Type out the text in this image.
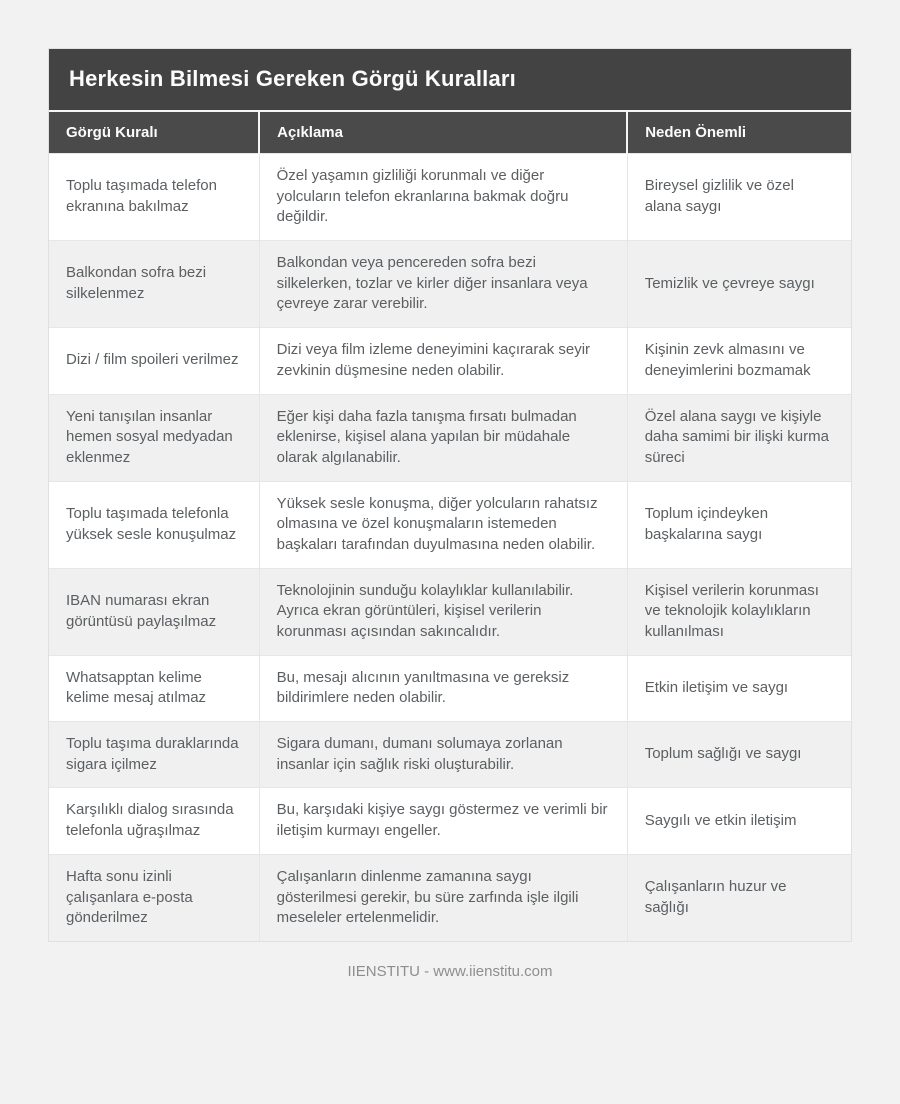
Herkesin Bilmesi Gereken Görgü Kuralları
Görgü Kuralı	Açıklama	Neden Önemli
Toplu taşımada telefon ekranına bakılmaz	Özel yaşamın gizliliği korunmalı ve diğer yolcuların telefon ekranlarına bakmak doğru değildir.	Bireysel gizlilik ve özel alana saygı
Balkondan sofra bezi silkelenmez	Balkondan veya pencereden sofra bezi silkelerken, tozlar ve kirler diğer insanlara veya çevreye zarar verebilir.	Temizlik ve çevreye saygı
Dizi / film spoileri verilmez	Dizi veya film izleme deneyimini kaçırarak seyir zevkinin düşmesine neden olabilir.	Kişinin zevk almasını ve deneyimlerini bozmamak
Yeni tanışılan insanlar hemen sosyal medyadan eklenmez	Eğer kişi daha fazla tanışma fırsatı bulmadan eklenirse, kişisel alana yapılan bir müdahale olarak algılanabilir.	Özel alana saygı ve kişiyle daha samimi bir ilişki kurma süreci
Toplu taşımada telefonla yüksek sesle konuşulmaz	Yüksek sesle konuşma, diğer yolcuların rahatsız olmasına ve özel konuşmaların istemeden başkaları tarafından duyulmasına neden olabilir.	Toplum içindeyken başkalarına saygı
IBAN numarası ekran görüntüsü paylaşılmaz	Teknolojinin sunduğu kolaylıklar kullanılabilir. Ayrıca ekran görüntüleri, kişisel verilerin korunması açısından sakıncalıdır.	Kişisel verilerin korunması ve teknolojik kolaylıkların kullanılması
Whatsapptan kelime kelime mesaj atılmaz	Bu, mesajı alıcının yanıltmasına ve gereksiz bildirimlere neden olabilir.	Etkin iletişim ve saygı
Toplu taşıma duraklarında sigara içilmez	Sigara dumanı, dumanı solumaya zorlanan insanlar için sağlık riski oluşturabilir.	Toplum sağlığı ve saygı
Karşılıklı dialog sırasında telefonla uğraşılmaz	Bu, karşıdaki kişiye saygı göstermez ve verimli bir iletişim kurmayı engeller.	Saygılı ve etkin iletişim
Hafta sonu izinli çalışanlara e-posta gönderilmez	Çalışanların dinlenme zamanına saygı gösterilmesi gerekir, bu süre zarfında işle ilgili meseleler ertelenmelidir.	Çalışanların huzur ve sağlığı
IIENSTITU - www.iienstitu.com
